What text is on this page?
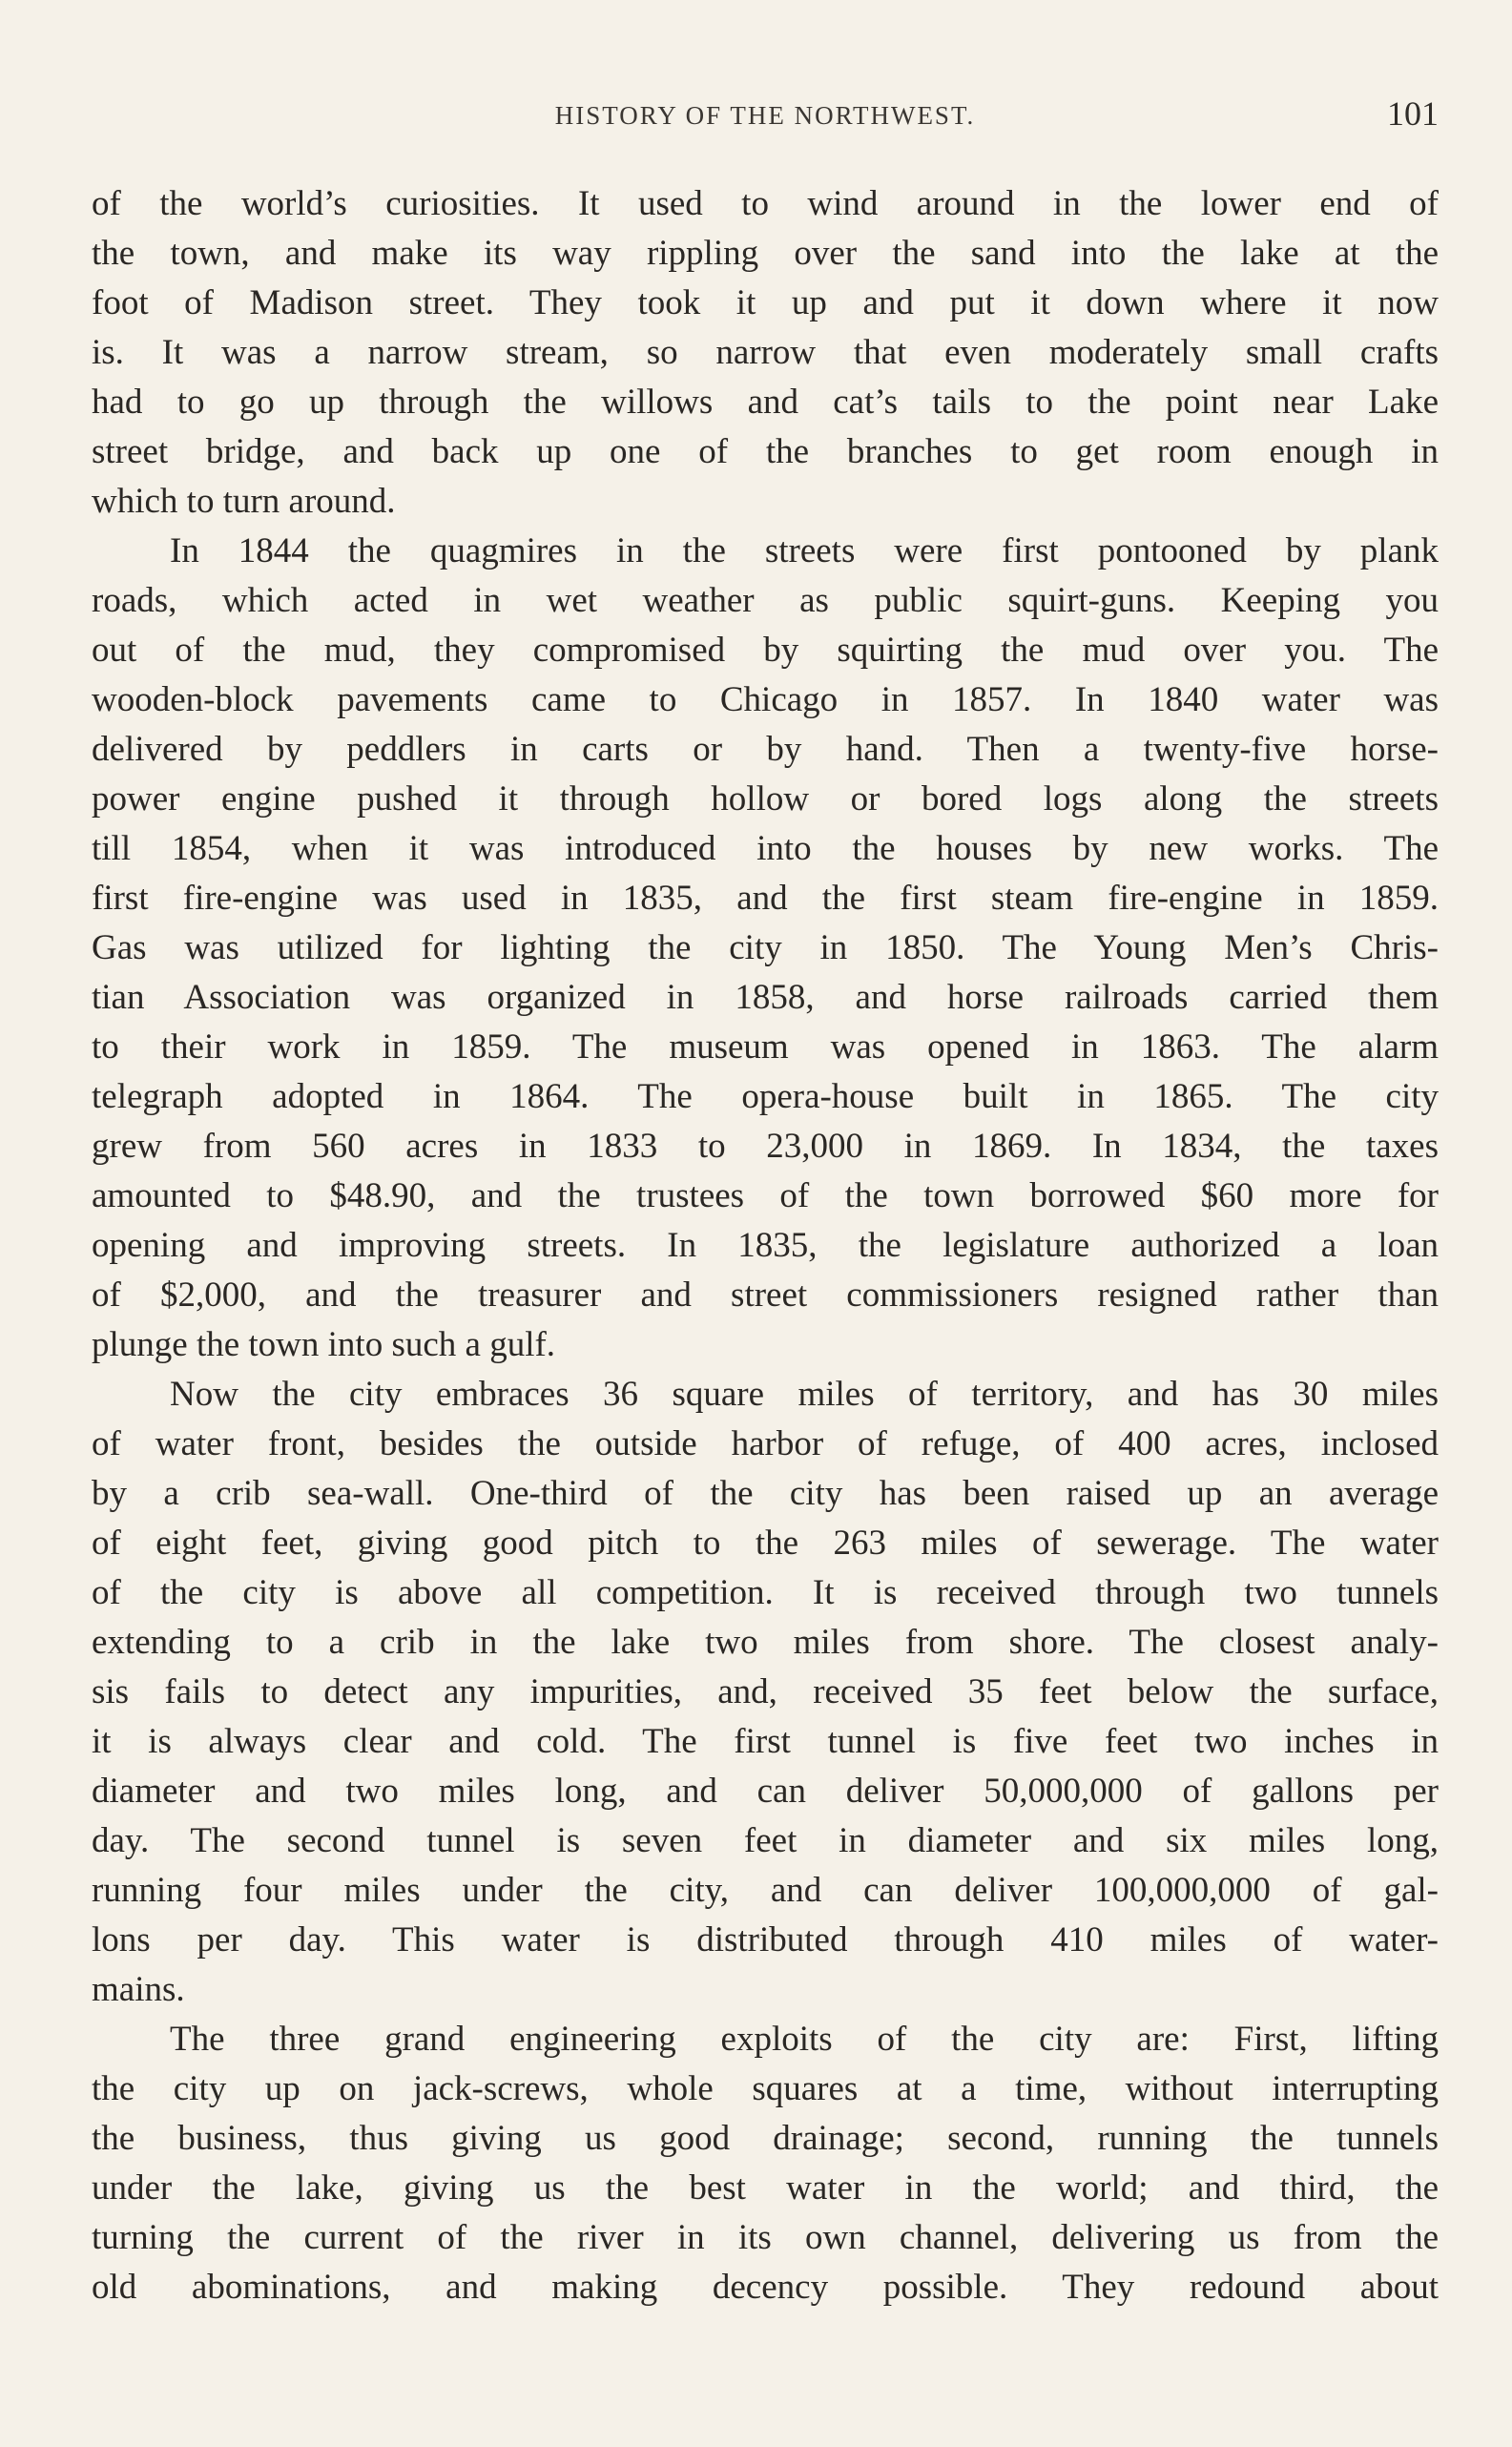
HISTORY OF THE NORTHWEST.	101
of the world’s curiosities. It used to wind around in the lower end of
the town, and make its way rippling over the sand into the lake at the
foot of Madison street. They took it up and put it down where it now
is. It was a narrow stream, so narrow that even moderately small crafts
had to go up through the willows and cat’s tails to the point near Lake
street bridge, and back up one of the branches to get room enough in
which to turn around.
In 1844 the quagmires in the streets were first pontooned by plank
roads, which acted in wet weather as public squirt-guns. Keeping you
out of the mud, they compromised by squirting the mud over you. The
wooden-block pavements came to Chicago in 1857. In 1840 water was
delivered by peddlers in carts or by hand. Then a twenty-five horse-
power engine pushed it through hollow or bored logs along the streets
till 1854, when it was introduced into the houses by new works. The
first fire-engine was used in 1835, and the first steam fire-engine in 1859.
Gas was utilized for lighting the city in 1850. The Young Men’s Chris-
tian Association was organized in 1858, and horse railroads carried them
to their work in 1859. The museum was opened in 1863. The alarm
telegraph adopted in 1864. The opera-house built in 1865. The city
grew from 560 acres in 1833 to 23,000 in 1869. In 1834, the taxes
amounted to $48.90, and the trustees of the town borrowed $60 more for
opening and improving streets. In 1835, the legislature authorized a loan
of $2,000, and the treasurer and street commissioners resigned rather than
plunge the town into such a gulf.
Now the city embraces 36 square miles of territory, and has 30 miles
of water front, besides the outside harbor of refuge, of 400 acres, inclosed
by a crib sea-wall. One-third of the city has been raised up an average
of eight feet, giving good pitch to the 263 miles of sewerage. The water
of the city is above all competition. It is received through two tunnels
extending to a crib in the lake two miles from shore. The closest analy-
sis fails to detect any impurities, and, received 35 feet below the surface,
it is always clear and cold. The first tunnel is five feet two inches in
diameter and two miles long, and can deliver 50,000,000 of gallons per
day. The second tunnel is seven feet in diameter and six miles long,
running four miles under the city, and can deliver 100,000,000 of gal-
lons per day. This water is distributed through 410 miles of water-
mains.
The three grand engineering exploits of the city are: First, lifting
the city up on jack-screws, whole squares at a time, without interrupting
the business, thus giving us good drainage; second, running the tunnels
under the lake, giving us the best water in the world; and third, the
turning the current of the river in its own channel, delivering us from the
old abominations, and making decency possible. They redound about
